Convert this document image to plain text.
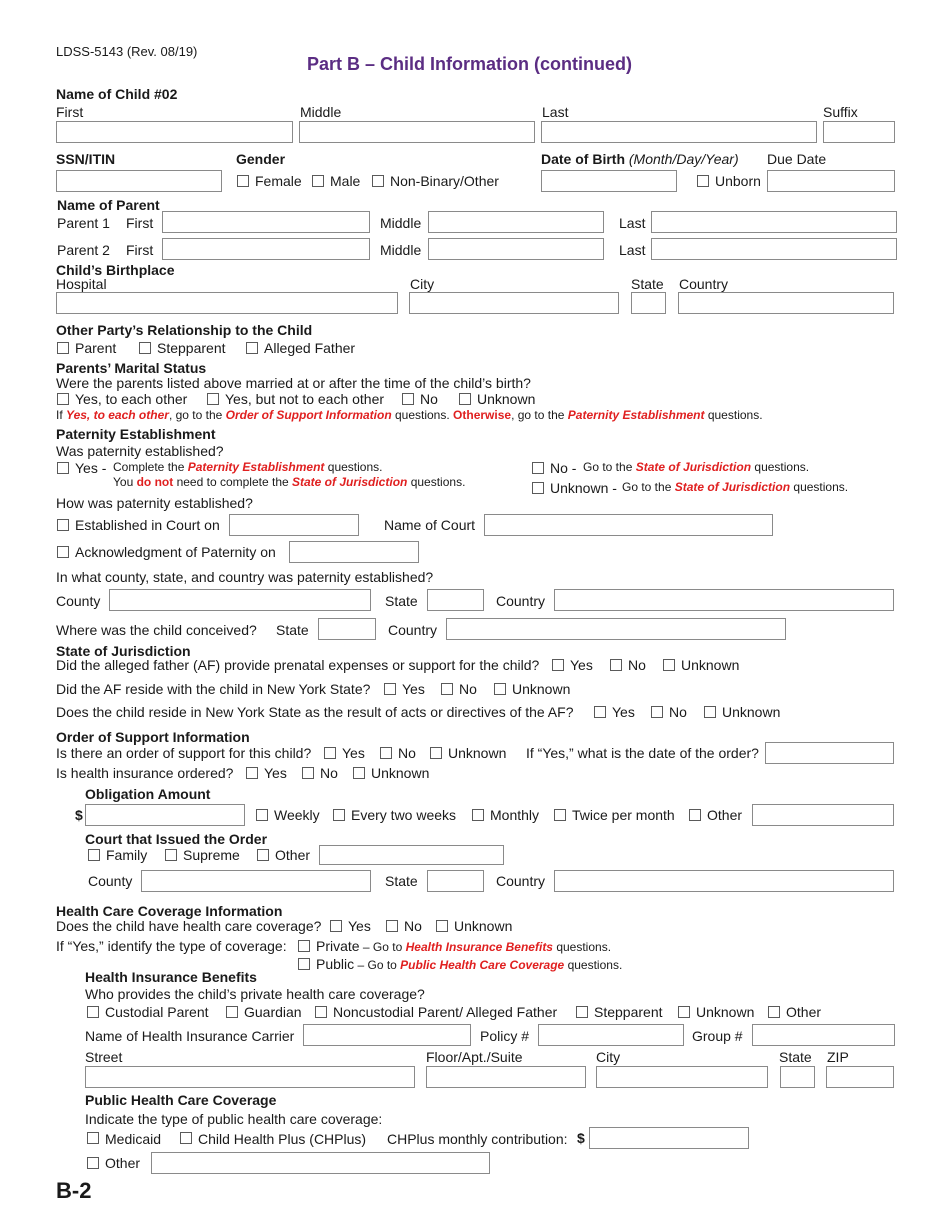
LDSS-5143 (Rev. 08/19)
Part B – Child Information (continued)
Name of Child #02
First	Middle	Last	Suffix
SSN/ITIN	Gender
Female Male Non-Binary/Other
Date of Birth (Month/Day/Year) Due Date
Unborn
Name of Parent
Parent 1 First	Middle	Last
Parent 2 First	Middle	Last
Child’s Birthplace
Hospital	City	State Country
Other Party’s Relationship to the Child
Parent	Stepparent	Alleged Father
Parents’ Marital Status
Were the parents listed above married at or after the time of the child’s birth?
Yes, to each other	Yes, but not to each other	No	Unknown
If Yes, to each other, go to the Order of Support Information questions. Otherwise, go to the Paternity Establishment questions.
Paternity Establishment
Was paternity established?
Yes - Complete the Paternity Establishment questions.
You do not need to complete the State of Jurisdiction questions.
No - Go to the State of Jurisdiction questions.
Unknown - Go to the State of Jurisdiction questions.
How was paternity established?
Established in Court on	Name of Court
Acknowledgment of Paternity on
In what county, state, and country was paternity established?
County	State	Country
Where was the child conceived? State	Country
State of Jurisdiction
Did the alleged father (AF) provide prenatal expenses or support for the child? Yes	No	Unknown
Did the AF reside with the child in New York State? Yes No	Unknown
Does the child reside in New York State as the result of acts or directives of the AF?	Yes No	Unknown
Order of Support Information
Is there an order of support for this child? Yes No Unknown If “Yes,” what is the date of the order?
Is health insurance ordered? Yes No Unknown
Obligation Amount
$	Weekly Every two weeks Monthly Twice per month Other
Court that Issued the Order
Family	Supreme	Other
County	State	Country
Health Care Coverage Information
Does the child have health care coverage? Yes No Unknown
If “Yes,” identify the type of coverage: Private – Go to Health Insurance Benefits questions.
Public – Go to Public Health Care Coverage questions.
Health Insurance Benefits
Who provides the child’s private health care coverage?
Custodial Parent	Guardian Noncustodial Parent/ Alleged Father	Stepparent Unknown Other
Name of Health Insurance Carrier	Policy #	Group #
Street	Floor/Apt./Suite	City	State ZIP
Public Health Care Coverage
Indicate the type of public health care coverage:
Medicaid	Child Health Plus (CHPlus) CHPlus monthly contribution: $
Other
B-2
